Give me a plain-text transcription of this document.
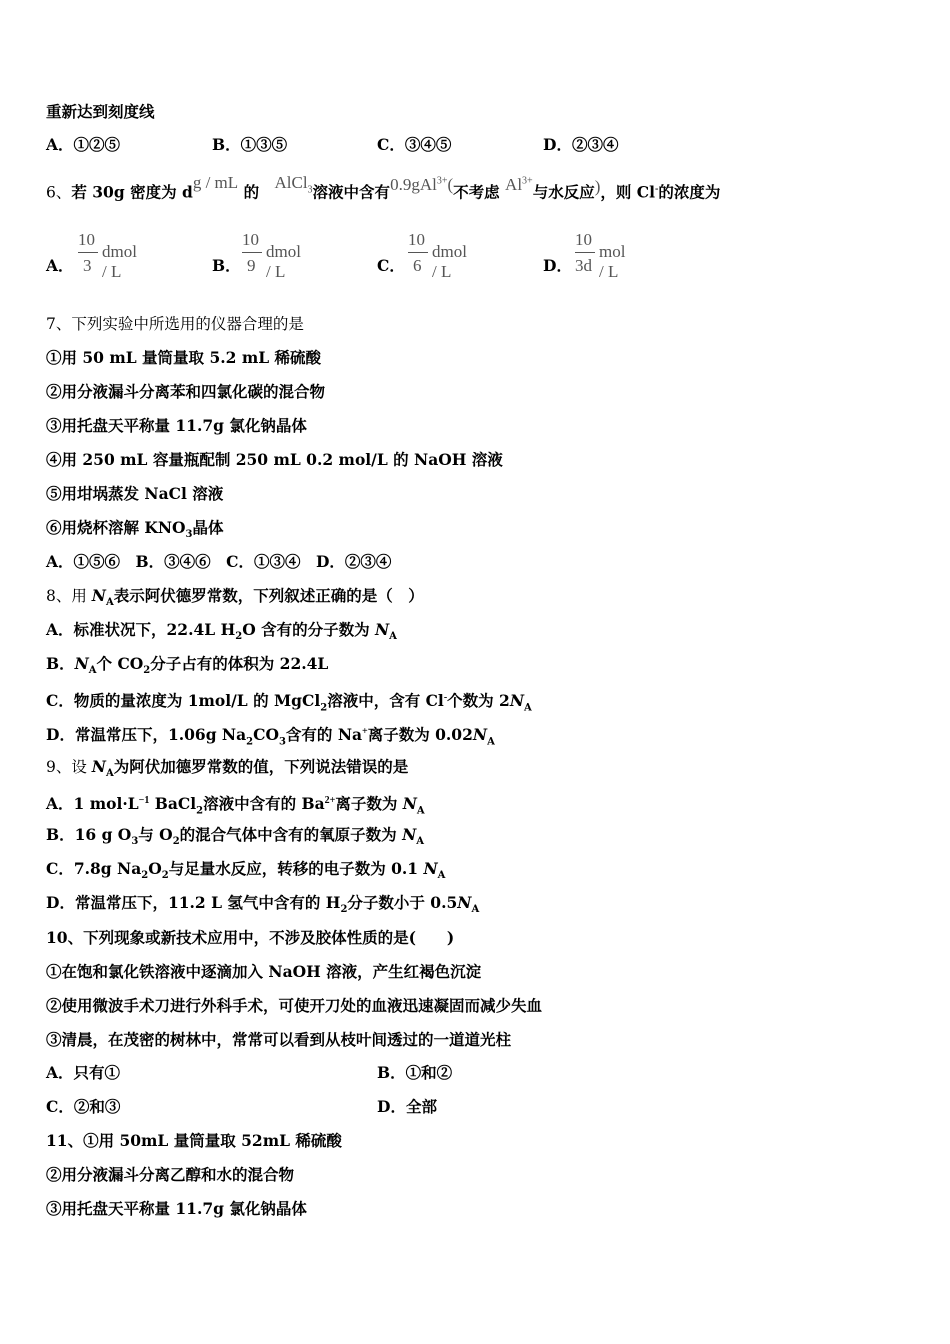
重新达到刻度线
A．①②⑤	B．①③⑤	C．③④⑤	D．②③④
6、若 30g 密度为 dg / mL 的 AlCl$_3$溶液中含有0.9gAl$^{3+}$(不考虑 $Al^{3+}$与水反应)，则 Cl-的浓度为
A．
10
3
dmol / L	B．
10
9
dmol / L	C．
10
6
dmol / L	D．
10
3d
mol / L
7、下列实验中所选用的仪器合理的是
①用 50 mL 量筒量取 5.2 mL 稀硫酸
②用分液漏斗分离苯和四氯化碳的混合物
③用托盘天平称量 11.7g 氯化钠晶体
④用 250 mL 容量瓶配制 250 mL 0.2 mol/L 的 NaOH 溶液
⑤用坩埚蒸发 NaCl 溶液
⑥用烧杯溶解 $KNO_3$晶体
A．①⑤⑥　B．③④⑥　C．①③④　D．②③④
8、用 $N_A$表示阿伏德罗常数，下列叙述正确的是（　）
A．标准状况下，22.4L $H_2O$ 含有的分子数为 $N_A$
B．$N_A$个 $CO_2$分子占有的体积为 22.4L
C．物质的量浓度为 1mol/L 的 MgCl$_2$溶液中，含有 Cl-个数为 $2N_A$
D．常温常压下，1.06g $Na_2CO_3$含有的 Na+离子数为 $0.02N_A$
9、设 $N_A$为阿伏加德罗常数的值，下列说法错误的是
A．1 $mol\cdot L^{-1}$ BaCl$_2$溶液中含有的 $Ba^{2+}$离子数为 $N_A$
B．16 g $O_3$与 $O_2$的混合气体中含有的氧原子数为 $N_A$
C．7.8g $Na_2O_2$与足量水反应，转移的电子数为 0.1 $N_A$
D．常温常压下，11.2 L 氢气中含有的 $H_2$分子数小于 $0.5N_A$
10、下列现象或新技术应用中，不涉及胶体性质的是(　　)
①在饱和氯化铁溶液中逐滴加入 NaOH 溶液，产生红褐色沉淀
②使用微波手术刀进行外科手术，可使开刀处的血液迅速凝固而减少失血
③清晨，在茂密的树林中，常常可以看到从枝叶间透过的一道道光柱
A．只有①	B．①和②
C．②和③	D．全部
11、①用 50mL 量筒量取 52mL 稀硫酸
②用分液漏斗分离乙醇和水的混合物
③用托盘天平称量 11.7g 氯化钠晶体
